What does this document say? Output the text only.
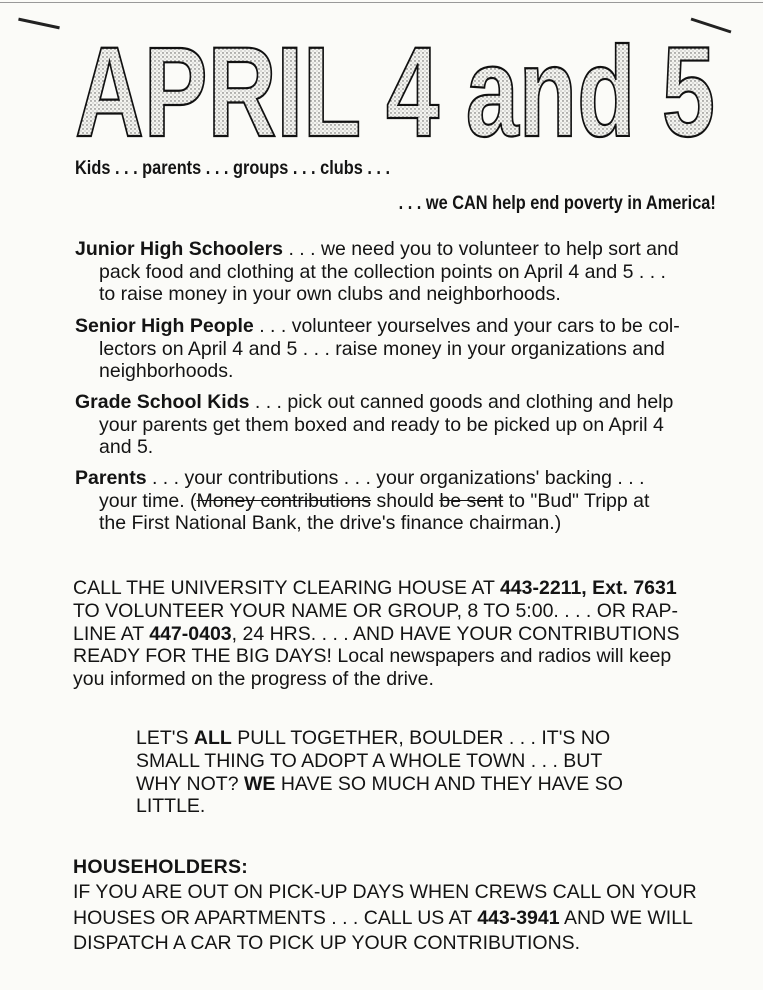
APRIL 4 and 5
Kids . . . parents . . . groups . . . clubs . . .
. . . we CAN help end poverty in America!
Junior High Schoolers . . . we need you to volunteer to help sort and
pack food and clothing at the collection points on April 4 and 5 . . .
to raise money in your own clubs and neighborhoods.
Senior High People . . . volunteer yourselves and your cars to be col-
lectors on April 4 and 5 . . . raise money in your organizations and
neighborhoods.
Grade School Kids . . . pick out canned goods and clothing and help
your parents get them boxed and ready to be picked up on April 4
and 5.
Parents . . . your contributions . . . your organizations' backing . . .
your time. (Money contributions should be sent to "Bud" Tripp at
the First National Bank, the drive's finance chairman.)
CALL THE UNIVERSITY CLEARING HOUSE AT 443-2211, Ext. 7631
TO VOLUNTEER YOUR NAME OR GROUP, 8 TO 5:00. . . . OR RAP-
LINE AT 447-0403, 24 HRS. . . . AND HAVE YOUR CONTRIBUTIONS
READY FOR THE BIG DAYS! Local newspapers and radios will keep
you informed on the progress of the drive.
LET'S ALL PULL TOGETHER, BOULDER . . . IT'S NO
SMALL THING TO ADOPT A WHOLE TOWN . . . BUT
WHY NOT? WE HAVE SO MUCH AND THEY HAVE SO
LITTLE.
HOUSEHOLDERS:
IF YOU ARE OUT ON PICK-UP DAYS WHEN CREWS CALL ON YOUR
HOUSES OR APARTMENTS . . . CALL US AT 443-3941 AND WE WILL
DISPATCH A CAR TO PICK UP YOUR CONTRIBUTIONS.
